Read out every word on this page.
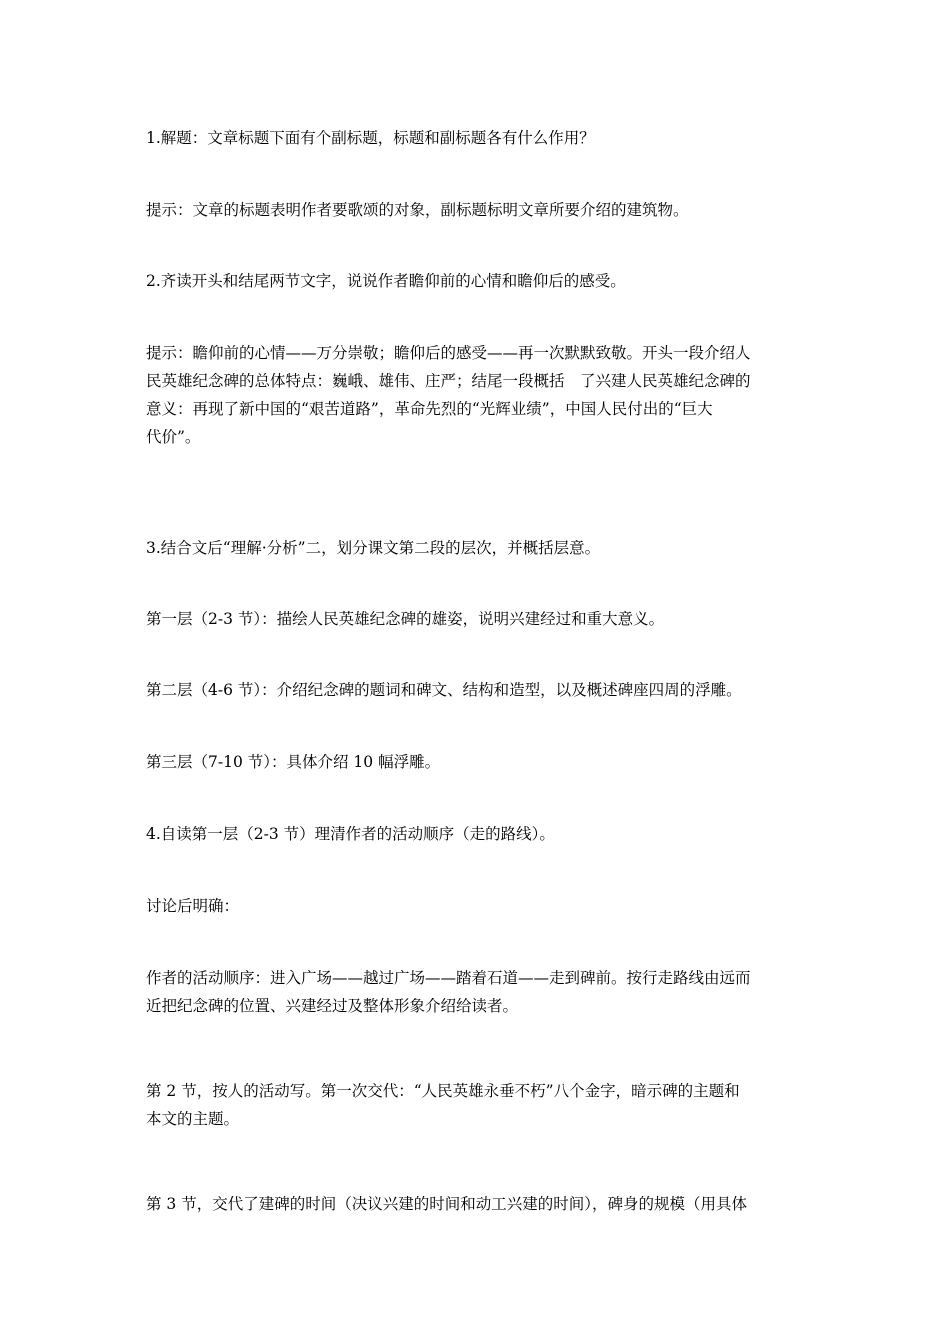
1.解题：文章标题下面有个副标题，标题和副标题各有什么作用？

提示：文章的标题表明作者要歌颂的对象，副标题标明文章所要介绍的建筑物。

2.齐读开头和结尾两节文字，说说作者瞻仰前的心情和瞻仰后的感受。

提示：瞻仰前的心情——万分崇敬；瞻仰后的感受——再一次默默致敬。开头一段介绍人
民英雄纪念碑的总体特点：巍峨、雄伟、庄严；结尾一段概括　了兴建人民英雄纪念碑的
意义：再现了新中国的“艰苦道路”，革命先烈的“光辉业绩”，中国人民付出的“巨大
代价”。

3.结合文后“理解·分析”二，划分课文第二段的层次，并概括层意。

第一层（2-3 节）：描绘人民英雄纪念碑的雄姿，说明兴建经过和重大意义。

第二层（4-6 节）：介绍纪念碑的题词和碑文、结构和造型，以及概述碑座四周的浮雕。

第三层（7-10 节）：具体介绍 10 幅浮雕。

4.自读第一层（2-3 节）理清作者的活动顺序（走的路线）。

讨论后明确：

作者的活动顺序：进入广场——越过广场——踏着石道——走到碑前。按行走路线由远而
近把纪念碑的位置、兴建经过及整体形象介绍给读者。

第 2 节，按人的活动写。第一次交代：“人民英雄永垂不朽”八个金字，暗示碑的主题和
本文的主题。

第 3 节，交代了建碑的时间（决议兴建的时间和动工兴建的时间），碑身的规模（用具体
